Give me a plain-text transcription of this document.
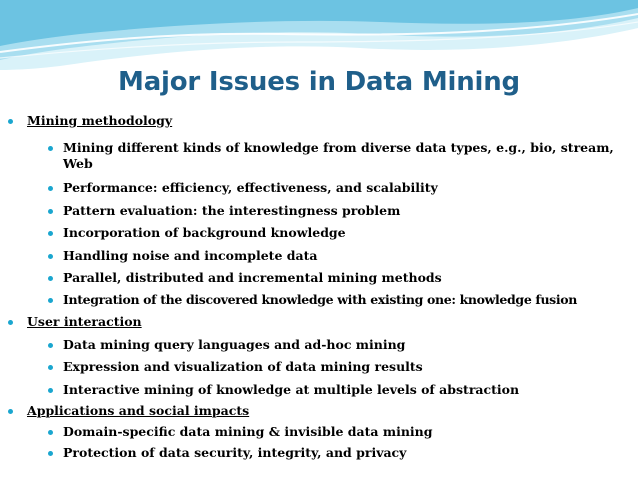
Major Issues in Data Mining
Mining methodology
Mining different kinds of knowledge from diverse data types, e.g., bio, stream, Web
Performance: efficiency, effectiveness, and scalability
Pattern evaluation: the interestingness problem
Incorporation of background knowledge
Handling noise and incomplete data
Parallel, distributed and incremental mining methods
Integration of the discovered knowledge with existing one: knowledge fusion
User interaction
Data mining query languages and ad-hoc mining
Expression and visualization of data mining results
Interactive mining of knowledge at multiple levels of abstraction
Applications and social impacts
Domain-specific data mining & invisible data mining
Protection of data security, integrity, and privacy
